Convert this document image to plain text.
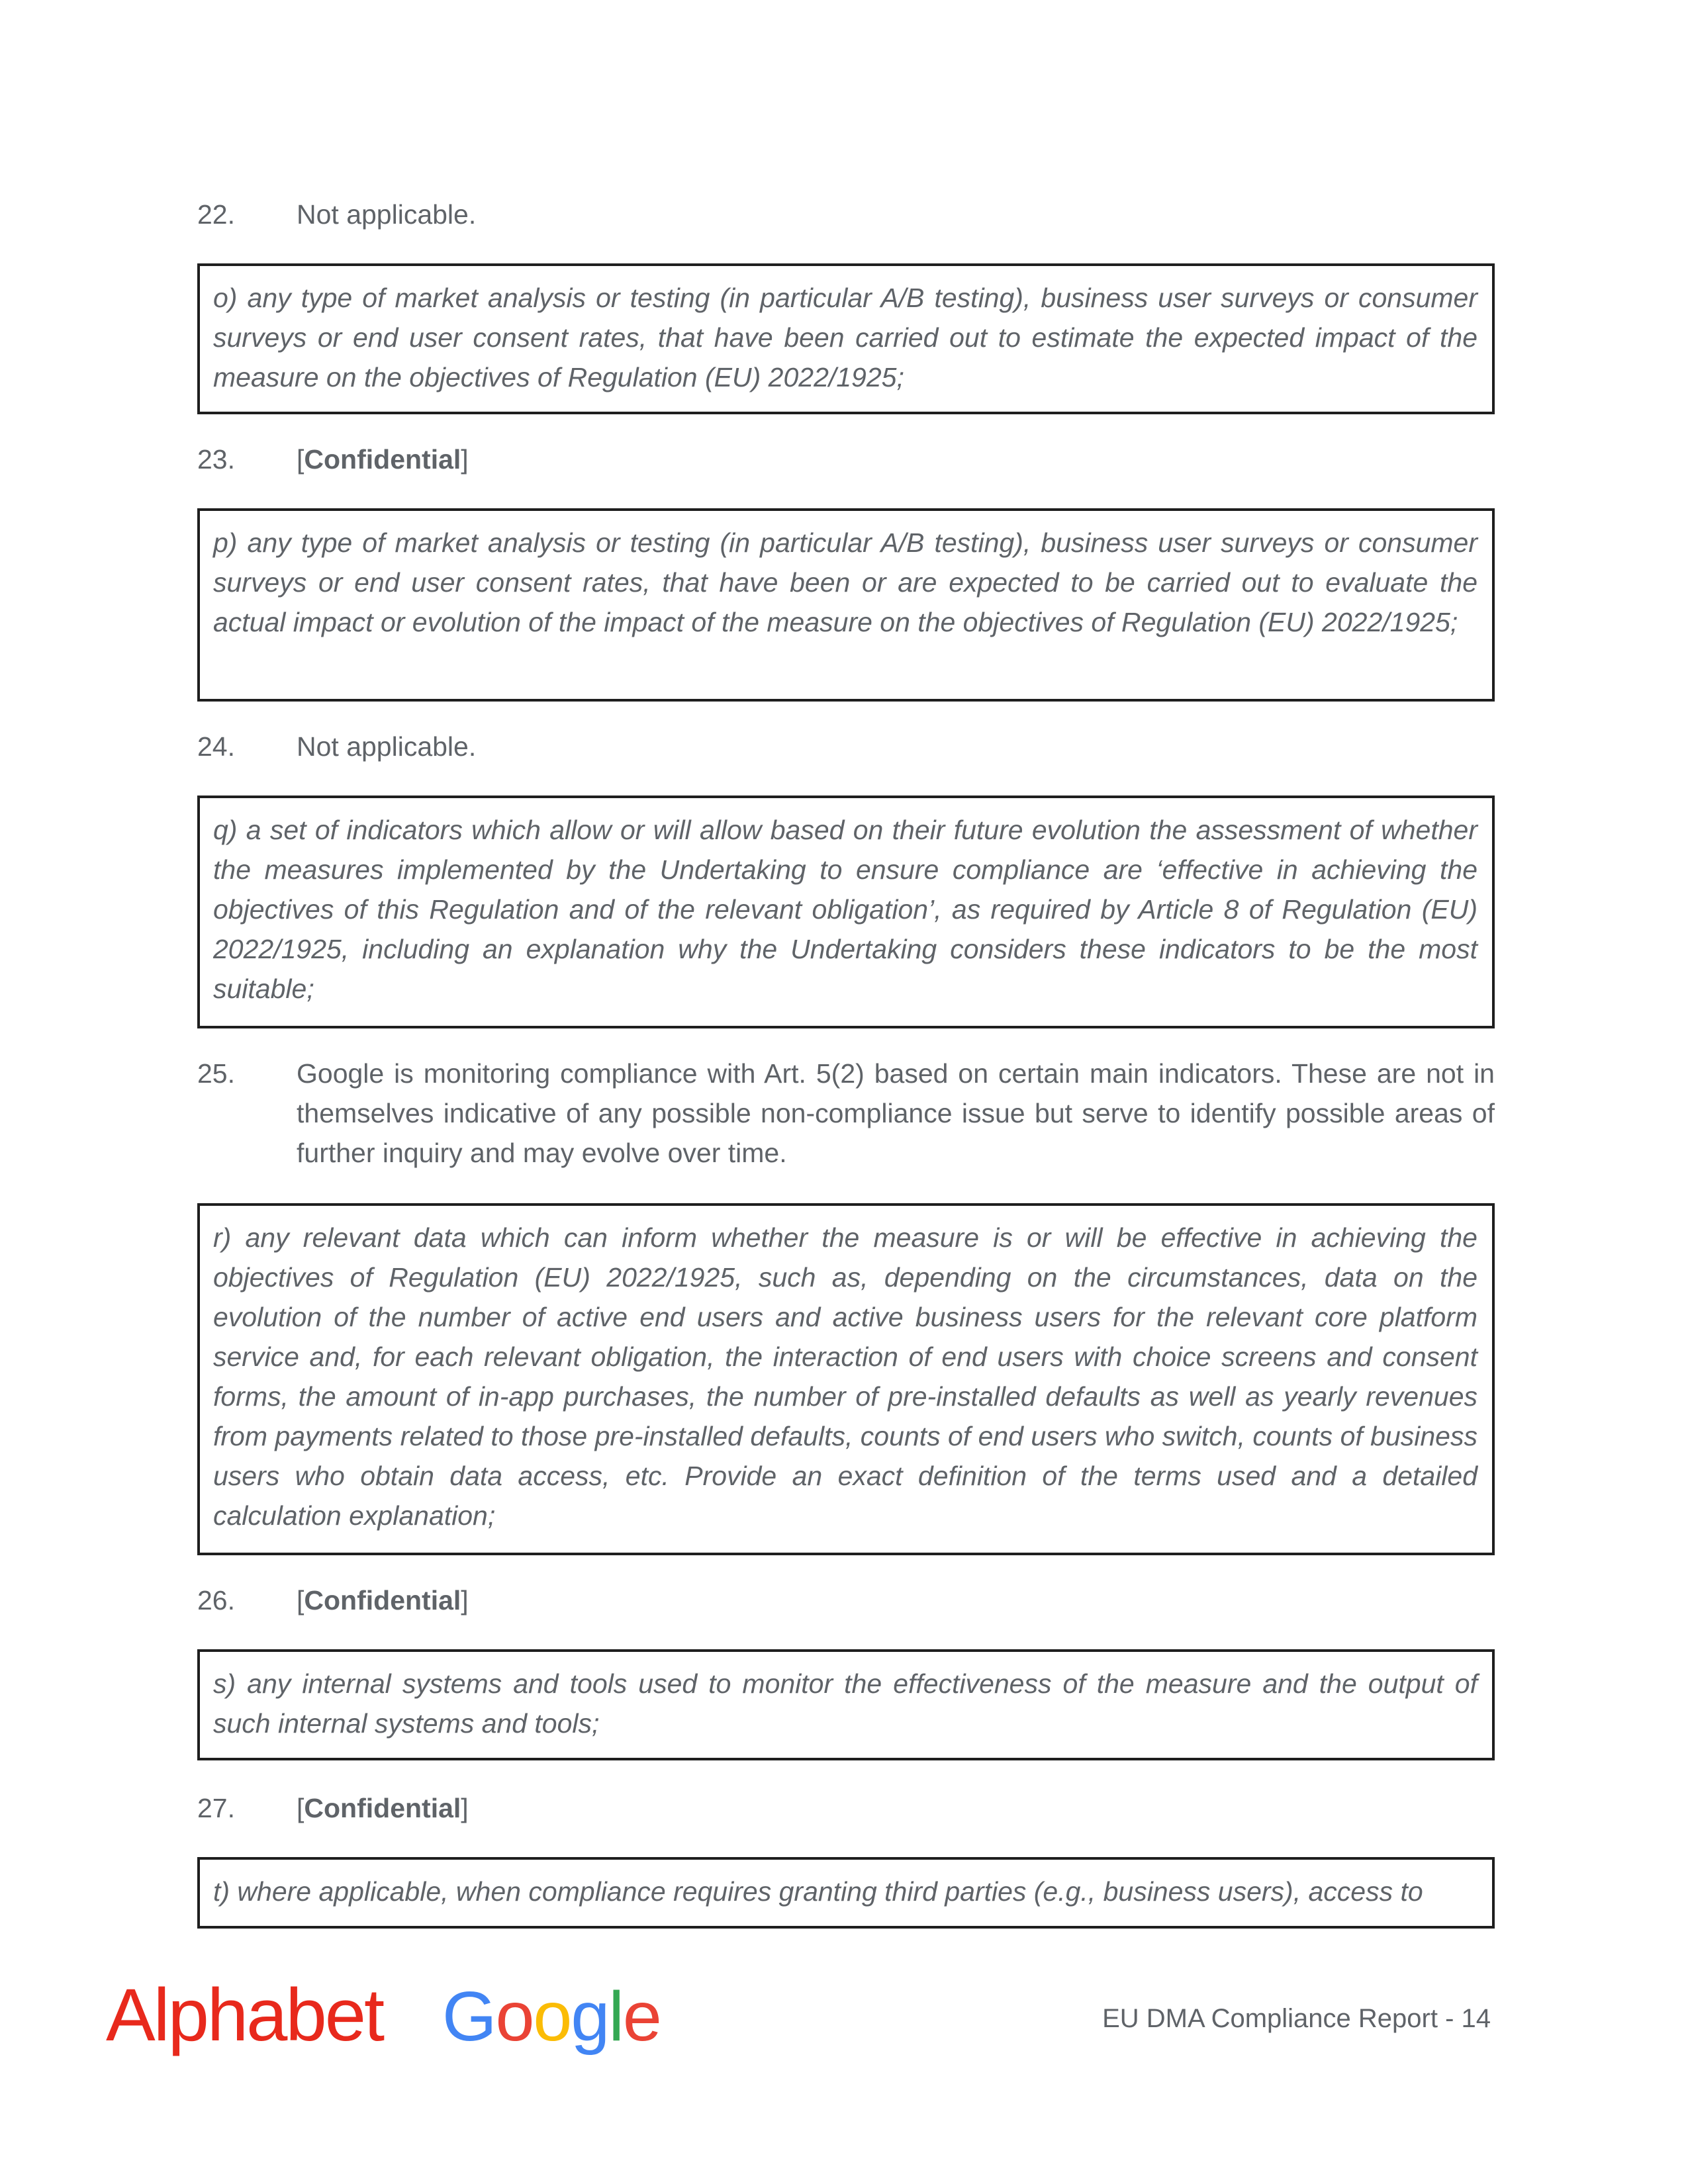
22.	Not applicable.
o) any type of market analysis or testing (in particular A/B testing), business user surveys or consumer surveys or end user consent rates, that have been carried out to estimate the expected impact of the measure on the objectives of Regulation (EU) 2022/1925;
23.	[Confidential]
p) any type of market analysis or testing (in particular A/B testing), business user surveys or consumer surveys or end user consent rates, that have been or are expected to be carried out to evaluate the actual impact or evolution of the impact of the measure on the objectives of Regulation (EU) 2022/1925;
24.	Not applicable.
q) a set of indicators which allow or will allow based on their future evolution the assessment of whether the measures implemented by the Undertaking to ensure compliance are ‘effective in achieving the objectives of this Regulation and of the relevant obligation’, as required by Article 8 of Regulation (EU) 2022/1925, including an explanation why the Undertaking considers these indicators to be the most suitable;
25.	Google is monitoring compliance with Art. 5(2) based on certain main indicators. These are not in themselves indicative of any possible non-compliance issue but serve to identify possible areas of further inquiry and may evolve over time.
r) any relevant data which can inform whether the measure is or will be effective in achieving the objectives of Regulation (EU) 2022/1925, such as, depending on the circumstances, data on the evolution of the number of active end users and active business users for the relevant core platform service and, for each relevant obligation, the interaction of end users with choice screens and consent forms, the amount of in-app purchases, the number of pre-installed defaults as well as yearly revenues from payments related to those pre-installed defaults, counts of end users who switch, counts of business users who obtain data access, etc. Provide an exact definition of the terms used and a detailed calculation explanation;
26.	[Confidential]
s) any internal systems and tools used to monitor the effectiveness of the measure and the output of such internal systems and tools;
27.	[Confidential]
t) where applicable, when compliance requires granting third parties (e.g., business users), access to
Alphabet Google	EU DMA Compliance Report - 14
